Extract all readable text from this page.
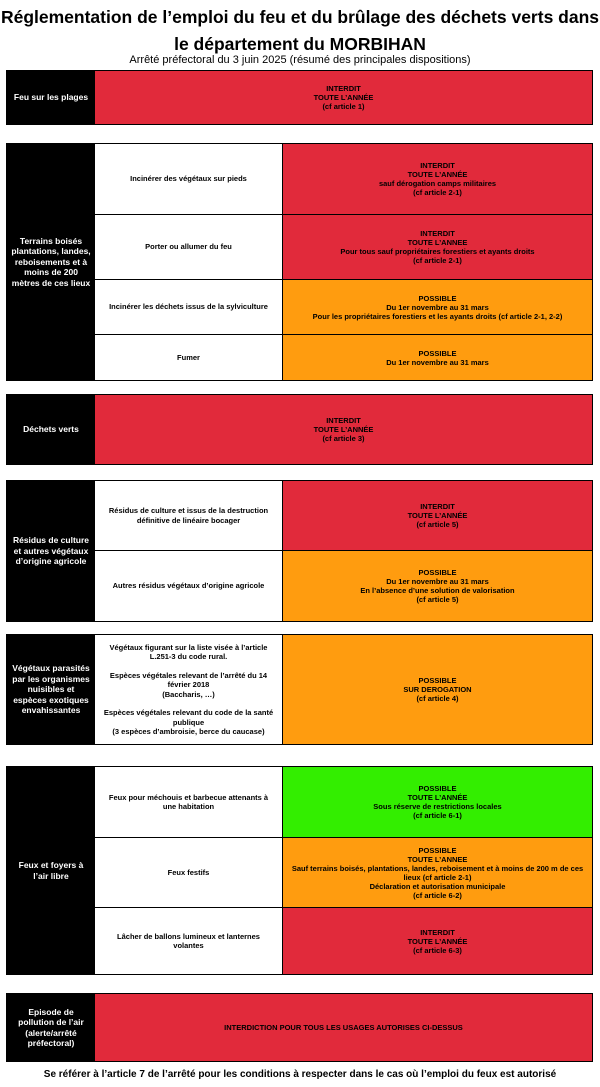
Réglementation de l’emploi du feu et du brûlage des déchets verts dans
le département du MORBIHAN
Arrêté préfectoral du 3 juin 2025 (résumé des principales dispositions)
Feu sur les plages
INTERDIT
TOUTE L’ANNÉE
(cf article 1)
Terrains boisés plantations, landes, reboisements et à moins de 200 mètres de ces lieux
Incinérer des végétaux sur pieds
INTERDIT
TOUTE L’ANNÉE
sauf dérogation camps militaires
(cf article 2-1)
Porter ou allumer du feu
INTERDIT
TOUTE L’ANNEE
Pour tous sauf propriétaires forestiers et ayants droits
(cf article 2-1)
Incinérer les déchets issus de la sylviculture
POSSIBLE
Du 1er novembre au 31 mars
Pour les propriétaires forestiers et les ayants droits (cf article 2-1, 2-2)
Fumer	POSSIBLE
Du 1er novembre au 31 mars
Déchets verts
INTERDIT
TOUTE L’ANNÉE
(cf article 3)
Résidus de culture et autres végétaux d’origine agricole
Résidus de culture et issus de la destruction définitive de linéaire bocager
INTERDIT
TOUTE L’ANNÉE
(cf article 5)
Autres résidus végétaux d’origine agricole
POSSIBLE
Du 1er novembre au 31 mars
En l’absence d’une solution de valorisation
(cf article 5)
Végétaux parasités par les organismes nuisibles et espèces exotiques envahissantes
Végétaux figurant sur la liste visée à l’article L.251-3 du code rural.
Espèces végétales relevant de l’arrêté du 14 février 2018
(Baccharis, …)
Espèces végétales relevant du code de la santé publique
(3 espèces d’ambroisie, berce du caucase)
POSSIBLE
SUR DEROGATION
(cf article 4)
Feux et foyers à l’air libre
Feux pour méchouis et barbecue attenants à une habitation
POSSIBLE
TOUTE L’ANNÉE
Sous réserve de restrictions locales
(cf article 6-1)
Feux festifs
POSSIBLE
TOUTE L’ANNEE
Sauf terrains boisés, plantations, landes, reboisement et à moins de 200 m de ces lieux (cf article 2-1)
Déclaration et autorisation municipale
(cf article 6-2)
Lâcher de ballons lumineux et lanternes volantes
INTERDIT
TOUTE L’ANNÉE
(cf article 6-3)
Episode de pollution de l’air (alerte/arrêté préfectoral)
INTERDICTION POUR TOUS LES USAGES AUTORISES CI-DESSUS
Se référer à l’article 7 de l’arrêté pour les conditions à respecter dans le cas où l’emploi du feux est autorisé
